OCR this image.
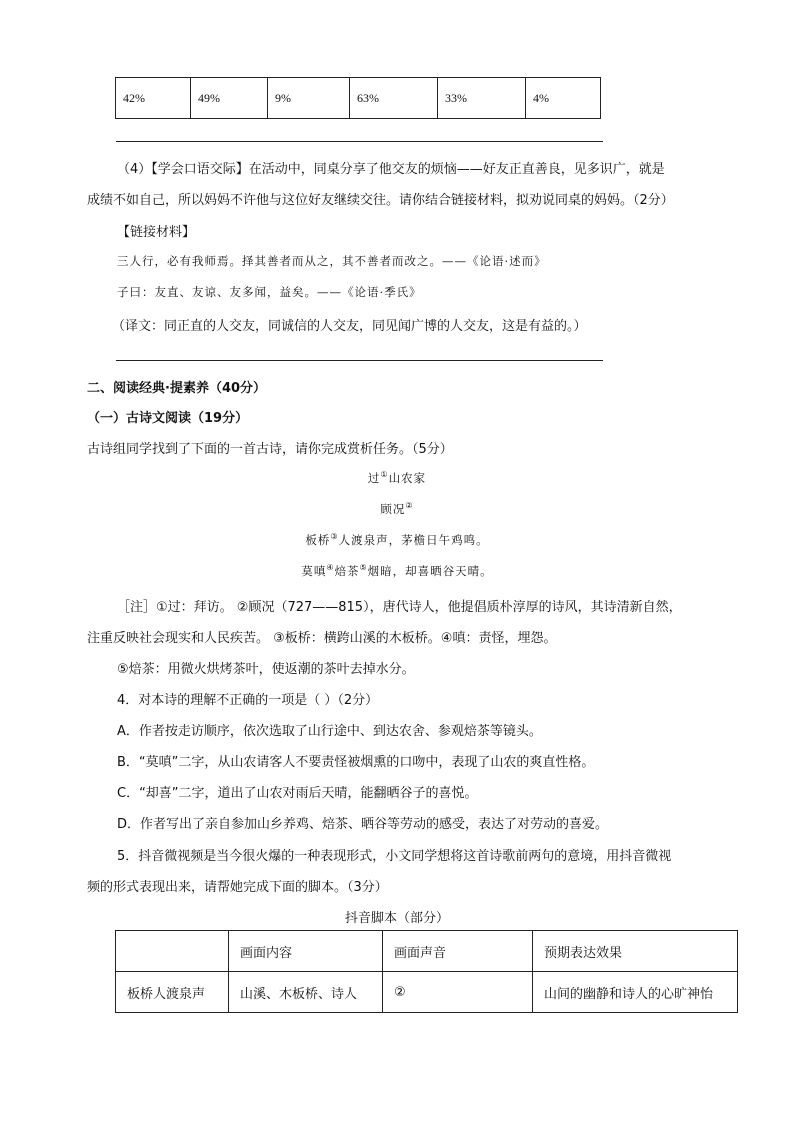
42%	49%	9%	63%	33%	4%
（4）【学会口语交际】在活动中，同桌分享了他交友的烦恼——好友正直善良，见多识广，就是
成绩不如自己，所以妈妈不许他与这位好友继续交往。请你结合链接材料，拟劝说同桌的妈妈。（2分）
【链接材料】
三人行，必有我师焉。择其善者而从之，其不善者而改之。——《论语·述而》
子曰：友直、友谅、友多闻，益矣。——《论语·季氏》
（译文：同正直的人交友，同诚信的人交友，同见闻广博的人交友，这是有益的。）
二、阅读经典·提素养（40分）
（一）古诗文阅读（19分）
古诗组同学找到了下面的一首古诗，请你完成赏析任务。（5分）
过①山农家
顾况②
板桥③人渡泉声，茅檐日午鸡鸣。
莫嗔④焙茶⑤烟暗，却喜晒谷天晴。
［注］①过：拜访。 ②顾况（727——815），唐代诗人，他提倡质朴淳厚的诗风，其诗清新自然，
注重反映社会现实和人民疾苦。 ③板桥：横跨山溪的木板桥。④嗔：责怪，埋怨。
⑤焙茶：用微火烘烤茶叶，使返潮的茶叶去掉水分。
4．对本诗的理解不正确的一项是（ ）（2分）
A．作者按走访顺序，依次选取了山行途中、到达农舍、参观焙茶等镜头。
B．“莫嗔”二字，从山农请客人不要责怪被烟熏的口吻中，表现了山农的爽直性格。
C．“却喜”二字，道出了山农对雨后天晴，能翻晒谷子的喜悦。
D．作者写出了亲自参加山乡养鸡、焙茶、晒谷等劳动的感受，表达了对劳动的喜爱。
5．抖音微视频是当今很火爆的一种表现形式，小文同学想将这首诗歌前两句的意境，用抖音微视
频的形式表现出来，请帮她完成下面的脚本。（3分）
抖音脚本（部分）
	画面内容	画面声音	预期表达效果
板桥人渡泉声	山溪、木板桥、诗人	②	山间的幽静和诗人的心旷神怡
